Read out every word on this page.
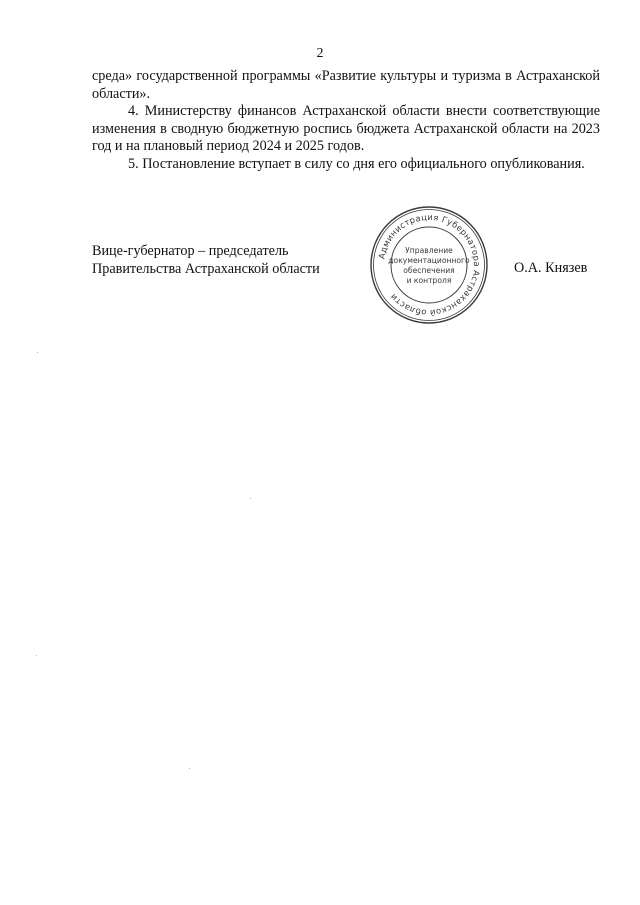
2

среда» государственной программы «Развитие культуры и туризма в Астраханской области».

4. Министерству финансов Астраханской области внести соответствующие изменения в сводную бюджетную роспись бюджета Астраханской области на 2023 год и на плановый период 2024 и 2025 годов.

5. Постановление вступает в силу со дня его официального опубликования.

Вице-губернатор – председатель
Правительства Астраханской области	О.А. Князев
Администрация Губернатора Астраханской области
Управление
документационного
обеспечения
и контроля
